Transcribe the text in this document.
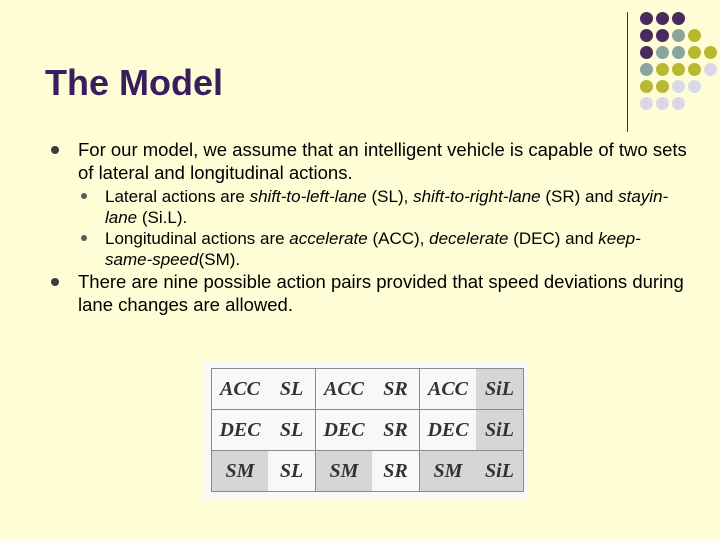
The Model
For our model, we assume that an intelligent vehicle is capable of two sets of lateral and longitudinal actions.
Lateral actions are shift-to-left-lane (SL), shift-to-right-lane (SR) and stayin- lane (Si.L).
Longitudinal actions are accelerate (ACC), decelerate (DEC) and keep-same-speed(SM).
There are nine possible action pairs provided that speed deviations during lane changes are allowed.
ACC SL	ACC SR	ACC SiL

DEC SL	DEC SR	DEC SiL

SM SL	SM SR	SM SiL
